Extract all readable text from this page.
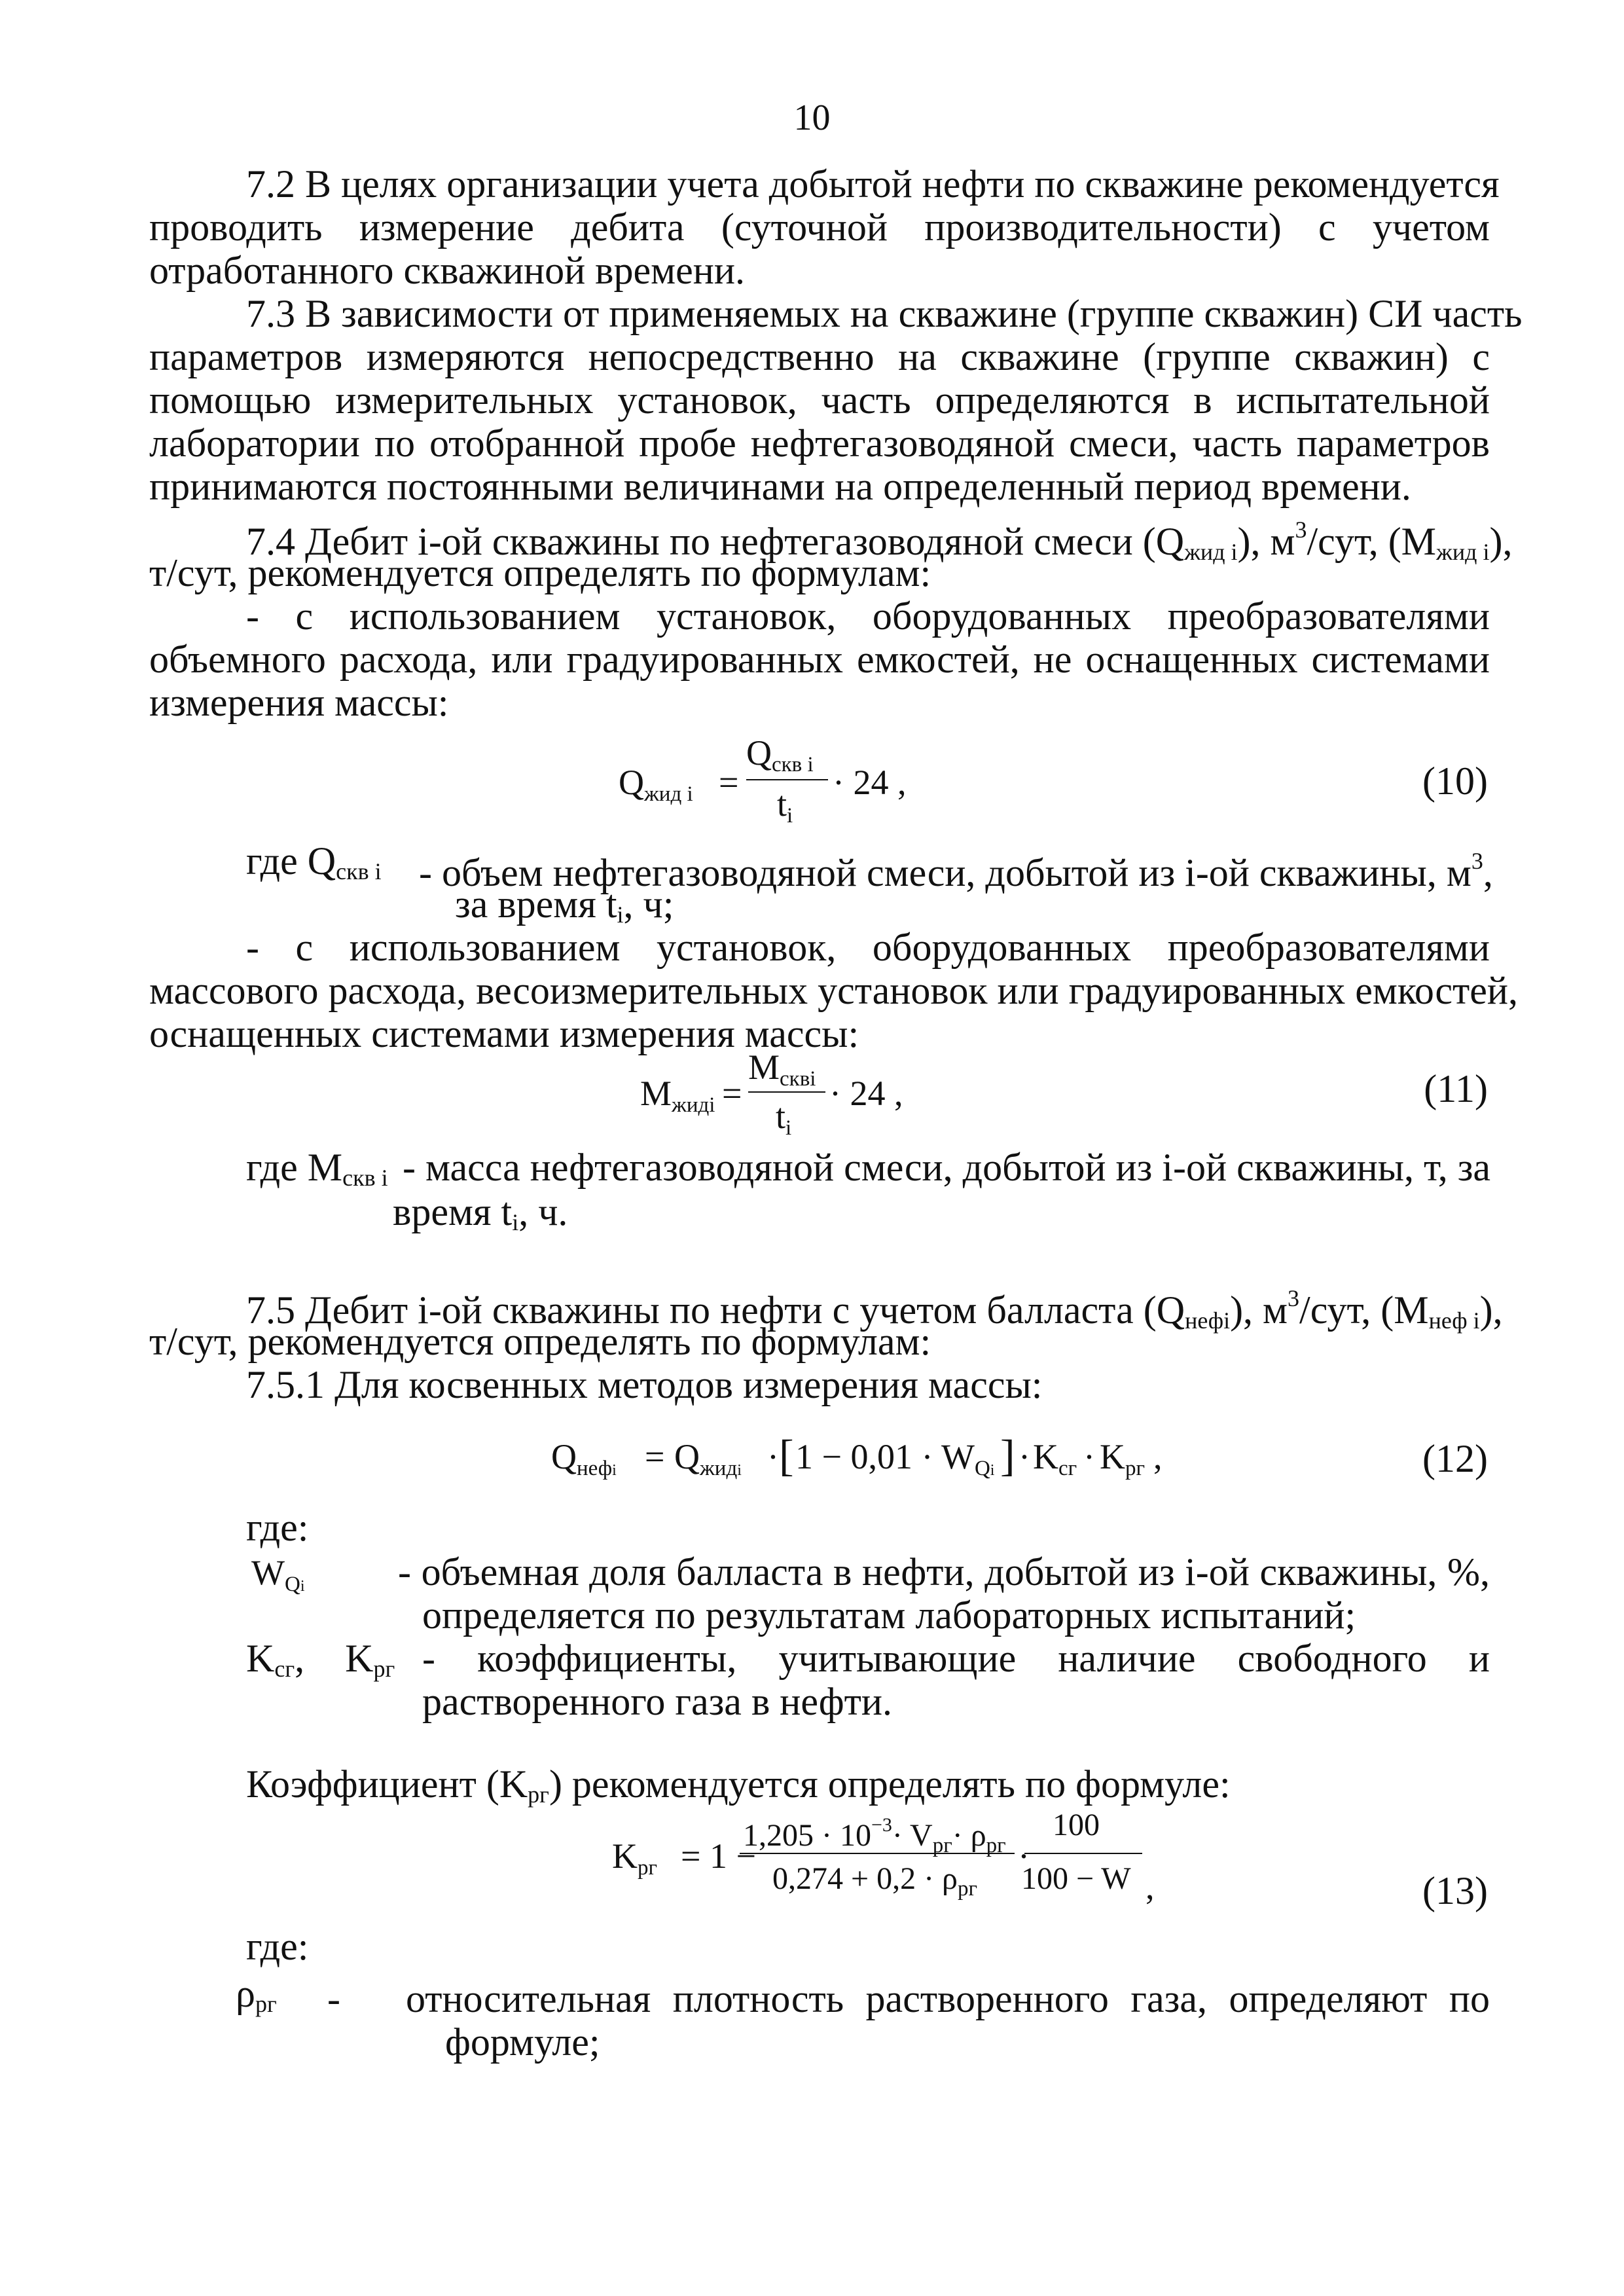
10
7.2 В целях организации учета добытой нефти по скважине рекомендуется
проводить измерение дебита (суточной производительности) с учетом
отработанного скважиной времени.
7.3 В зависимости от применяемых на скважине (группе скважин) СИ часть
параметров измеряются непосредственно на скважине (группе скважин) с
помощью измерительных установок, часть определяются в испытательной
лаборатории по отобранной пробе нефтегазоводяной смеси, часть параметров
принимаются постоянными величинами на определенный период времени.
7.4 Дебит i-ой скважины по нефтегазоводяной смеси $(Q_{жид i})$, $м^3$/сут, $(M_{жид i})$,
т/сут, рекомендуется определять по формулам:
- с использованием установок, оборудованных преобразователями
объемного расхода, или градуированных емкостей, не оснащенных системами
измерения массы:
Qжид i =
Qскв i
ti
· 24 ,	(10)
где $Q_{скв i}$ - объем нефтегазоводяной смеси, добытой из i-ой скважины, $м^3$,
за время $t_i$, ч;
- с использованием установок, оборудованных преобразователями
массового расхода, весоизмерительных установок или градуированных емкостей,
оснащенных системами измерения массы:
Mжидi =
Mсквi
ti
· 24 ,	(11)
где $M_{скв i}$ - масса нефтегазоводяной смеси, добытой из i-ой скважины, т, за
время $t_i$, ч.
7.5 Дебит i-ой скважины по нефти с учетом балласта $(Q_{нефi})$, $м^3$/сут, $(M_{неф i})$,
т/сут, рекомендуется определять по формулам:
7.5.1 Для косвенных методов измерения массы:
Qнефi = Qжидi · [ 1 − 0,01 · WQi ] · Kсг · Kрг ,	(12)
где:
WQi - объемная доля балласта в нефти, добытой из i-ой скважины, %,
определяется по результатам лабораторных испытаний;
$K_{сг}$, $K_{рг}$ - коэффициенты, учитывающие наличие свободного и
растворенного газа в нефти.
Коэффициент $(K_{рг})$ рекомендуется определять по формуле:
Kрг = 1 −
$1,205 \cdot 10^{-3}\cdot V_{рг}\cdot \rho_{рг}$
$0,274 + 0,2 \cdot \rho_{рг}$
·
100
100 − W ,	(13)
где:
$\rho_{рг}$ - относительная плотность растворенного газа, определяют по
формуле;
